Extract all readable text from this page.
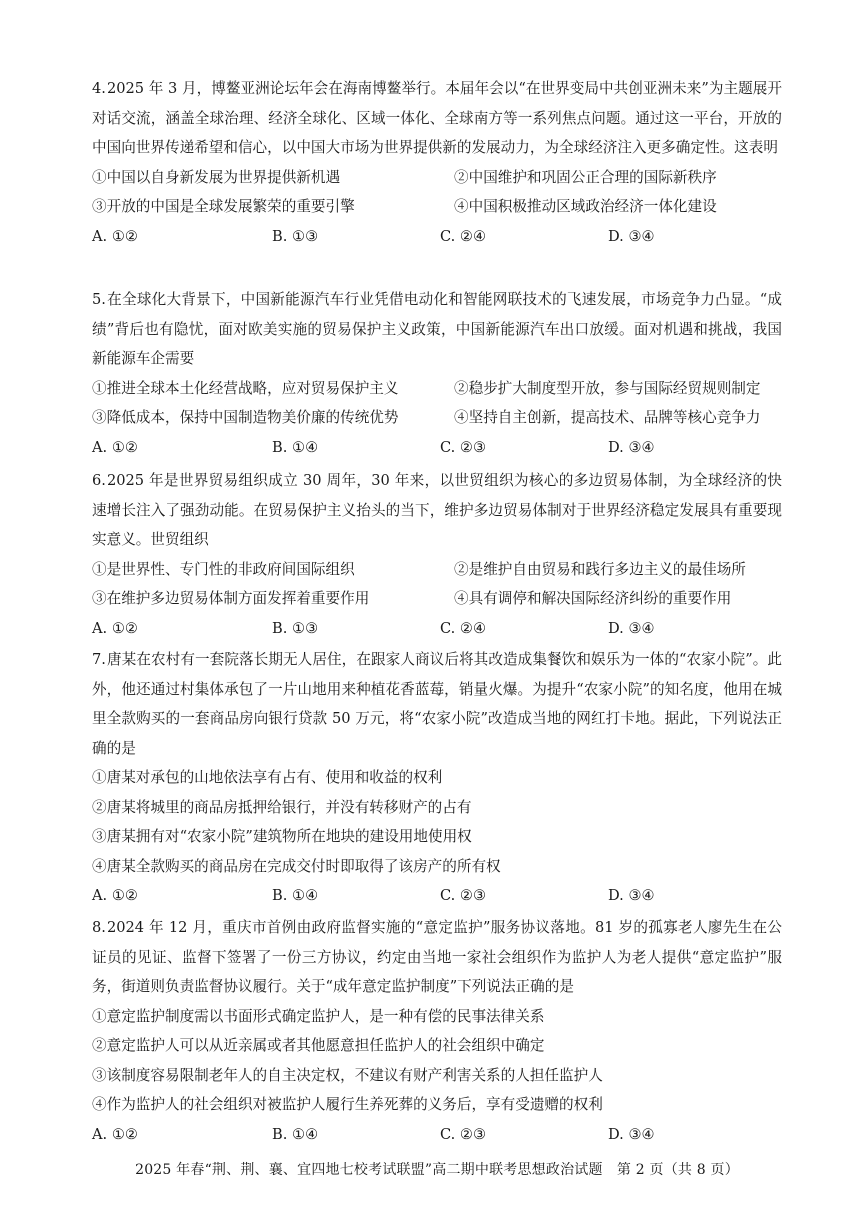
4.2025 年 3 月，博鳌亚洲论坛年会在海南博鳌举行。本届年会以“在世界变局中共创亚洲未来”为主题展开对话交流，涵盖全球治理、经济全球化、区域一体化、全球南方等一系列焦点问题。通过这一平台，开放的中国向世界传递希望和信心，以中国大市场为世界提供新的发展动力，为全球经济注入更多确定性。这表明

①中国以自身新发展为世界提供新机遇	②中国维护和巩固公正合理的国际新秩序
③开放的中国是全球发展繁荣的重要引擎	④中国积极推动区域政治经济一体化建设
A. ①②	B. ①③	C. ②④	D. ③④

5.在全球化大背景下，中国新能源汽车行业凭借电动化和智能网联技术的飞速发展，市场竞争力凸显。“成绩”背后也有隐忧，面对欧美实施的贸易保护主义政策，中国新能源汽车出口放缓。面对机遇和挑战，我国新能源车企需要

①推进全球本土化经营战略，应对贸易保护主义	②稳步扩大制度型开放，参与国际经贸规则制定
③降低成本，保持中国制造物美价廉的传统优势	④坚持自主创新，提高技术、品牌等核心竞争力
A. ①②	B. ①④	C. ②③	D. ③④

6.2025 年是世界贸易组织成立 30 周年，30 年来，以世贸组织为核心的多边贸易体制，为全球经济的快速增长注入了强劲动能。在贸易保护主义抬头的当下，维护多边贸易体制对于世界经济稳定发展具有重要现实意义。世贸组织

①是世界性、专门性的非政府间国际组织	②是维护自由贸易和践行多边主义的最佳场所
③在维护多边贸易体制方面发挥着重要作用	④具有调停和解决国际经济纠纷的重要作用
A. ①②	B. ①③	C. ②④	D. ③④

7.唐某在农村有一套院落长期无人居住，在跟家人商议后将其改造成集餐饮和娱乐为一体的“农家小院”。此外，他还通过村集体承包了一片山地用来种植花香蓝莓，销量火爆。为提升“农家小院”的知名度，他用在城里全款购买的一套商品房向银行贷款 50 万元，将“农家小院”改造成当地的网红打卡地。据此，下列说法正确的是

①唐某对承包的山地依法享有占有、使用和收益的权利
②唐某将城里的商品房抵押给银行，并没有转移财产的占有
③唐某拥有对“农家小院”建筑物所在地块的建设用地使用权
④唐某全款购买的商品房在完成交付时即取得了该房产的所有权
A. ①②	B. ①④	C. ②③	D. ③④

8.2024 年 12 月，重庆市首例由政府监督实施的“意定监护”服务协议落地。81 岁的孤寡老人廖先生在公证员的见证、监督下签署了一份三方协议，约定由当地一家社会组织作为监护人为老人提供“意定监护”服务，街道则负责监督协议履行。关于“成年意定监护制度”下列说法正确的是

①意定监护制度需以书面形式确定监护人，是一种有偿的民事法律关系
②意定监护人可以从近亲属或者其他愿意担任监护人的社会组织中确定
③该制度容易限制老年人的自主决定权，不建议有财产利害关系的人担任监护人
④作为监护人的社会组织对被监护人履行生养死葬的义务后，享有受遗赠的权利
A. ①②	B. ①④	C. ②③	D. ③④
2025 年春“荆、荆、襄、宜四地七校考试联盟”高二期中联考思想政治试题　第 2 页（共 8 页）
